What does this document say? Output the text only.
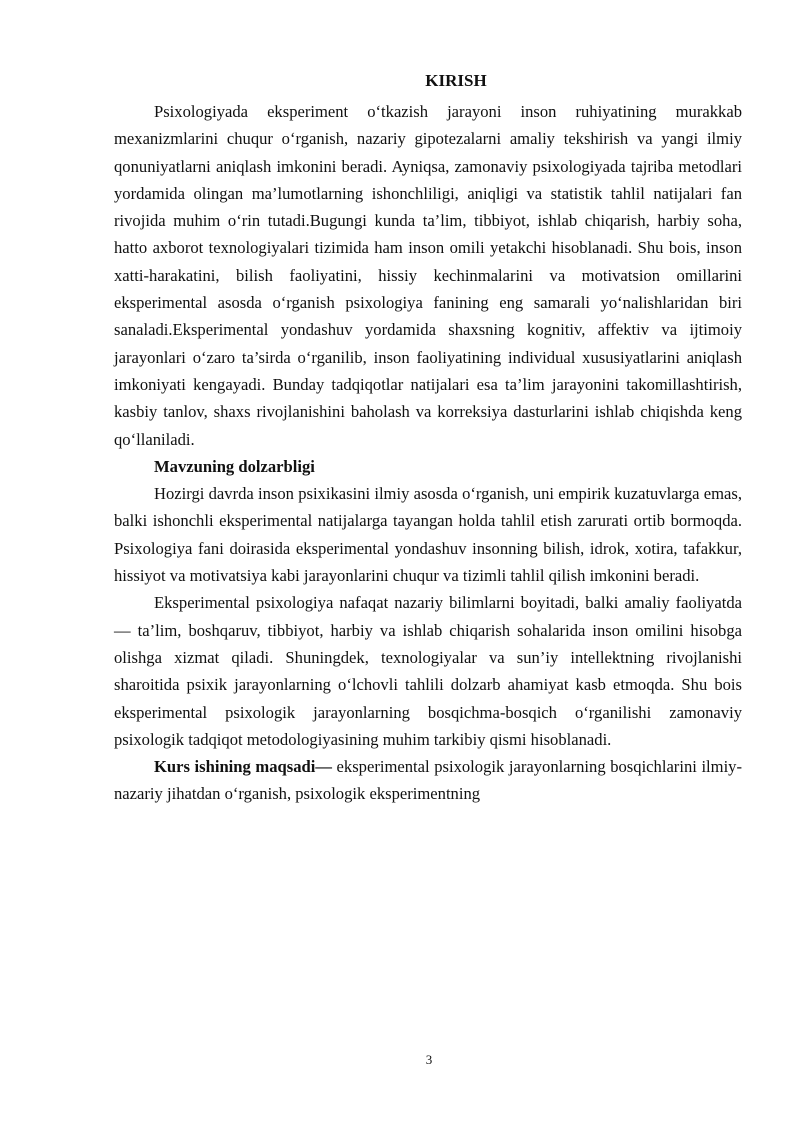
KIRISH

Psixologiyada eksperiment o‘tkazish jarayoni inson ruhiyatining murakkab mexanizmlarini chuqur o‘rganish, nazariy gipotezalarni amaliy tekshirish va yangi ilmiy qonuniyatlarni aniqlash imkonini beradi. Ayniqsa, zamonaviy psixologiyada tajriba metodlari yordamida olingan ma’lumotlarning ishonchliligi, aniqligi va statistik tahlil natijalari fan rivojida muhim o‘rin tutadi.Bugungi kunda ta’lim, tibbiyot, ishlab chiqarish, harbiy soha, hatto axborot texnologiyalari tizimida ham inson omili yetakchi hisoblanadi. Shu bois, inson xatti-harakatini, bilish faoliyatini, hissiy kechinmalarini va motivatsion omillarini eksperimental asosda o‘rganish psixologiya fanining eng samarali yo‘nalishlaridan biri sanaladi.Eksperimental yondashuv yordamida shaxsning kognitiv, affektiv va ijtimoiy jarayonlari o‘zaro ta’sirda o‘rganilib, inson faoliyatining individual xususiyatlarini aniqlash imkoniyati kengayadi. Bunday tadqiqotlar natijalari esa ta’lim jarayonini takomillashtirish, kasbiy tanlov, shaxs rivojlanishini baholash va korreksiya dasturlarini ishlab chiqishda keng qo‘llaniladi.

Mavzuning dolzarbligi

Hozirgi davrda inson psixikasini ilmiy asosda o‘rganish, uni empirik kuzatuvlarga emas, balki ishonchli eksperimental natijalarga tayangan holda tahlil etish zarurati ortib bormoqda. Psixologiya fani doirasida eksperimental yondashuv insonning bilish, idrok, xotira, tafakkur, hissiyot va motivatsiya kabi jarayonlarini chuqur va tizimli tahlil qilish imkonini beradi.

Eksperimental psixologiya nafaqat nazariy bilimlarni boyitadi, balki amaliy faoliyatda — ta’lim, boshqaruv, tibbiyot, harbiy va ishlab chiqarish sohalarida inson omilini hisobga olishga xizmat qiladi. Shuningdek, texnologiyalar va sun’iy intellektning rivojlanishi sharoitida psixik jarayonlarning o‘lchovli tahlili dolzarb ahamiyat kasb etmoqda. Shu bois eksperimental psixologik jarayonlarning bosqichma-bosqich o‘rganilishi zamonaviy psixologik tadqiqot metodologiyasining muhim tarkibiy qismi hisoblanadi.

Kurs ishining maqsadi— eksperimental psixologik jarayonlarning bosqichlarini ilmiy-nazariy jihatdan o‘rganish, psixologik eksperimentning

3
